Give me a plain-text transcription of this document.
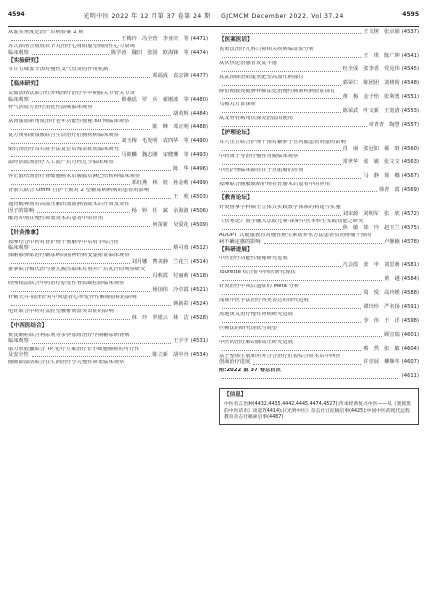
4594	光明中医 2022 年 12 月第 37 卷第 24 期 GJCMCM December 2022. Vol 37.24	4595
从虚实角度论治产后病验案 2 则
王梅玲　冯全营　李亚庆　等 (4471)
苏式添洛合肢枝农辛丸治疗心肾阳虚型顽固性心力衰竭
临床观察	陈学涛　魏旧　张国　欧海锋　等 (4474)
【实验研究】
苓甘五味姜辛汤对慢性支气管炎的作用机制
邓福成　袁宗锋 (4477)
【临床研究】
灵仙活络饮联合红外线理疗治疗早中期膝关节骨关节炎
临床观察	蔡桑瑶　罗　兵　翟刚波　等 (4480)
补气活血方治疗消化性溃疡临床观察
胡英辉 (4484)
从肾虚血瘀角度治疗老年功能性便秘 60 例临床观察
陈　峰　邓正明 (4488)
复方黄柏液湿敷联合生活治疗肛肠疾病临床观察
刘玉梅　毛发明　袁四华　等 (4490)
柴归汤治疗耳石症手法复位后残余症状临床研究
马筱麟　魏志刚　宋健珊　等 (4493)
温经活血汤治疗人工流产后月经过少临床观察
陈　华 (4496)
养正散结汤治疗肾细胞癌术后腹膜后淋巴结转移临床观察
邓红燕　林　欣　孙金莉 (4499)
背俞穴联合 Omm 自护干预对 2 型糖尿病病病的患者的影响
王　欣 (4503)
通窍醒神汤对高血压脑出血血肿清除术后疗效及炎性
因子的影响	杨　婷　任　斌　余海波 (4506)
醒窍冲剂在慢性鼻窦炎术后患者中的应用
何苗新　吴爱花 (4509)
【针灸推拿】
按摩结合中药对智护理干预脑卒中后肩手综合征
临床观察	蔡可蓉 (4512)
揉耐膝弹贴治疗糖尿病周围神经病变虚瘀证临床观察
刘月娜　曹美静　兰花兰 (4514)
推拿联合梅氏治与婴儿腹泻临床对剂并产后乳汁的观察研究
冯莉霞　付丽莉 (4518)
经颅根法联合中药治疗原发性骨质疏松症临床观察
杨国伟　冷卓霞 (4521)
针刺天井·曲泽针对中风患者心率变异性解域指标的影响
蒋新彩 (4524)
电针联合中药对盆腔型腰椎间盘突出症的影响
林　玲　罗银云　林　洁 (4528)
【中西医结合】
黄芪颗粒联合利尿剂等多伊加班治疗早期糖尿病肾病
临床观察	王宇字 (4531)
康力欣胶囊联合 TP 化疗方案治疗非小细胞肺癌的可行性
及安全性	陈立新　胡中舟 (4534)
储肺除湿活联合在生酒治疗小儿慢性鼻窦临床观察
王文树　张京娟 (4537)
【医案医话】
芪黄饮治疗儿科口鼻相关疾病临证验分析
王　琪　陈广坤 (4541)
从伏热论治感冒发复不愈
杜全成　张李香　党克伟 (4545)
真武汤降治阳虚水肥型高血压病探讨
郭荣仁　陈团团　刘树荷 (4548)
薛伯刚教授健脾补肺法论治慢性肺系疾病验证探讨
黄　梅　金子怡　张利勇 (4551)
乌梅丸方证探析
陈荣武　叶文新　王宽清 (4553)
从龙骨牡蛎用饮探究治法的使用
章青青　陶慧 (4557)
【护理论坛】
耳穴压豆联合护理干预对糖胖子宫内膜患者剂量的影响
肖　丽　张冠如　郝　晗 (4560)
中药离子导治疗慢性胃腹临床观察
常世华　张　敏　张文文 (4563)
中医护理临床路径在子宫肌瘤的应用
马　静　徐　娜 (4567)
按摩联合肠膜敷贴护理在胃肠术后患者中的应用
徐青　霞 (4569)
【教育论坛】
针灸推拿学科硕士立体式实践教学体系的构建与实施
刘宋源　刘明军　张　欣 (4572)
《伤寒论》教学融入思政元素·探索中医本科生实践技能之研究
焦　敏　徐　玲　赵玉兰 (4575)
ADOPT 式健康教育对慢性维生素诺养水方法患者负向疼痛干预的
病不确定感的影响	卢静颖 (4578)
【科研进展】
中医治疗功能性便秘研究进展
凡会霞　张　申　刘思萌 (4581)
Tourette 综合征中西医研究现状
黄　越 (4584)
针灸治疗中风后遗症的 Meta 分析
周　悦　高玲媛 (4588)
浅谈中医手法治疗各类表达的现代进展
谭玲珍　严名扬 (4591)
黑地黄丸治疗慢性肾病研究进展
李　伟　王　洋 (4598)
巨刺法的研究现状与展望
顾宣瑞 (4601)
中医药治疗肺动脉高压研究进展
蔡　然　张　敏 (4604)
基于整体生肌和坦外合合治疗肛裂综合症术后中西医
创面治疗进展	许竞展　柳顺冬 (4607)
附:2022 第 37 卷总目次
(4611)
【信息】
中医名言治种(4432,4435,4442,4445,4474,4527);传承经典复兴中医——从《奥援黑的中医话币》谈起?(4414);(《光明中医》杂志社订征稿启事(4425);中国中医药现代远程教育杂志社稿索启事(4487)
